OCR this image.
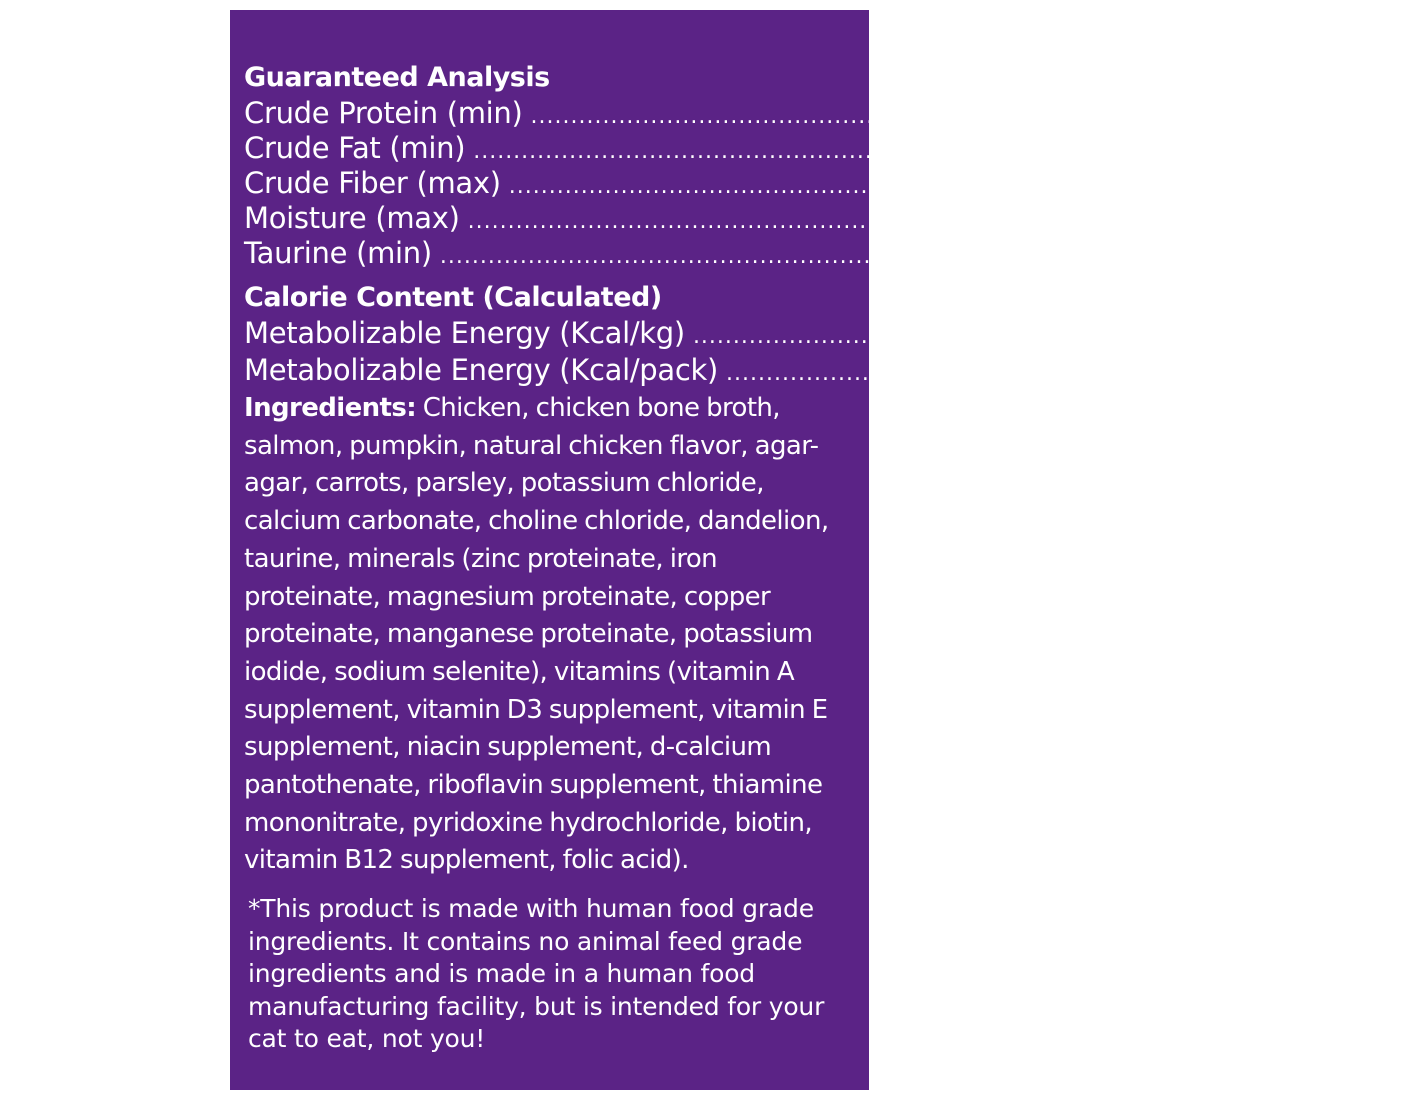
Guaranteed Analysis
Crude Protein (min) ................................................................................ 9.00%
Crude Fat (min) ................................................................................ 3.00%
Crude Fiber (max) ................................................................................ 1.50%
Moisture (max) ................................................................................ 82.0%
Taurine (min) ................................................................................ 0.05%
Calorie Content (Calculated)
Metabolizable Energy (Kcal/kg) ................................................................................ 885
Metabolizable Energy (Kcal/pack) ................................................................................ 150

Ingredients: Chicken, chicken bone broth, salmon, pumpkin, natural chicken flavor, agar-agar, carrots, parsley, potassium chloride, calcium carbonate, choline chloride, dandelion, taurine, minerals (zinc proteinate, iron proteinate, magnesium proteinate, copper proteinate, manganese proteinate, potassium iodide, sodium selenite), vitamins (vitamin A supplement, vitamin D3 supplement, vitamin E supplement, niacin supplement, d-calcium pantothenate, riboflavin supplement, thiamine mononitrate, pyridoxine hydrochloride, biotin, vitamin B12 supplement, folic acid).

*This product is made with human food grade ingredients. It contains no animal feed grade ingredients and is made in a human food manufacturing facility, but is intended for your cat to eat, not you!
